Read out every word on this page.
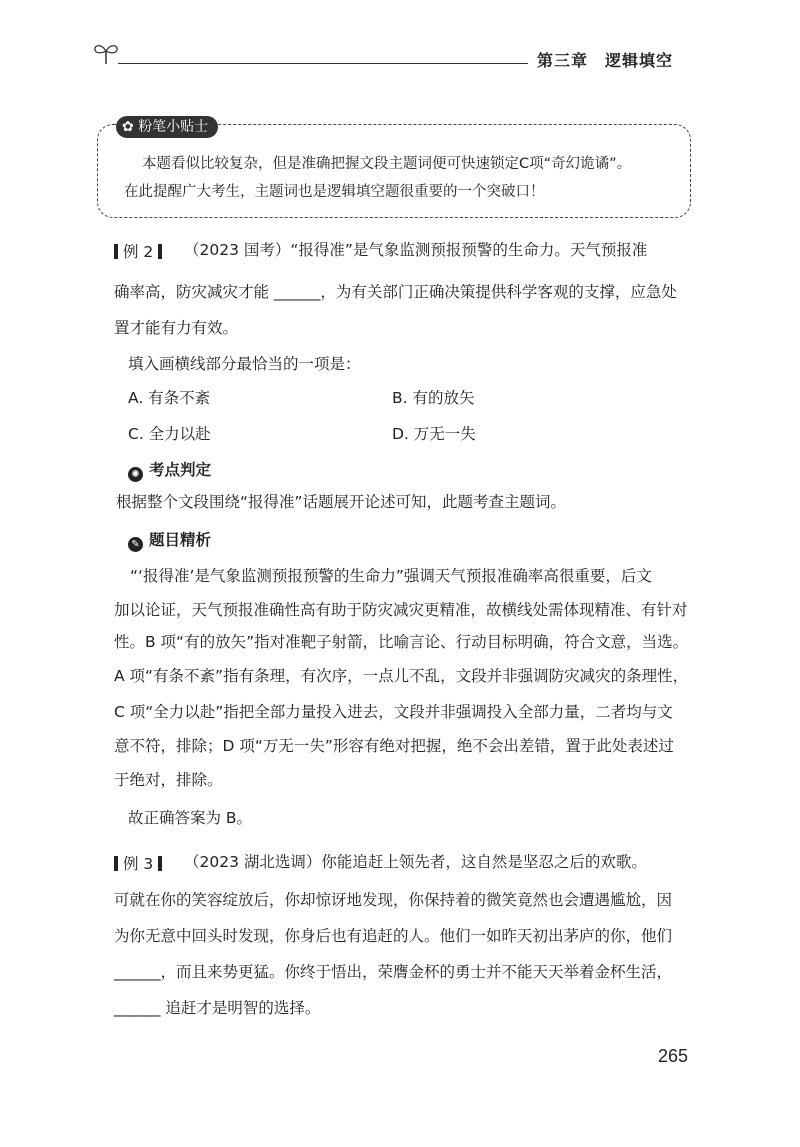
第三章　逻辑填空
✿ 粉笔小贴士
本题看似比较复杂，但是准确把握文段主题词便可快速锁定C项“奇幻诡谲”。
在此提醒广大考生，主题词也是逻辑填空题很重要的一个突破口！
例 2	（2023 国考）“报得准”是气象监测预报预警的生命力。天气预报准
确率高，防灾减灾才能 ______，为有关部门正确决策提供科学客观的支撑，应急处
置才能有力有效。
填入画横线部分最恰当的一项是：
A. 有条不紊	B. 有的放矢
C. 全力以赴	D. 万无一失
✺ 考点判定
根据整个文段围绕“报得准”话题展开论述可知，此题考查主题词。
✎ 题目精析
“‘报得准’是气象监测预报预警的生命力”强调天气预报准确率高很重要，后文
加以论证，天气预报准确性高有助于防灾减灾更精准，故横线处需体现精准、有针对
性。B 项“有的放矢”指对准靶子射箭，比喻言论、行动目标明确，符合文意，当选。
A 项“有条不紊”指有条理，有次序，一点儿不乱，文段并非强调防灾减灾的条理性，
C 项“全力以赴”指把全部力量投入进去，文段并非强调投入全部力量，二者均与文
意不符，排除；D 项“万无一失”形容有绝对把握，绝不会出差错，置于此处表述过
于绝对，排除。
故正确答案为 B。
例 3	（2023 湖北选调）你能追赶上领先者，这自然是坚忍之后的欢歌。
可就在你的笑容绽放后，你却惊讶地发现，你保持着的微笑竟然也会遭遇尴尬，因
为你无意中回头时发现，你身后也有追赶的人。他们一如昨天初出茅庐的你，他们
______，而且来势更猛。你终于悟出，荣膺金杯的勇士并不能天天举着金杯生活，
______ 追赶才是明智的选择。
265
